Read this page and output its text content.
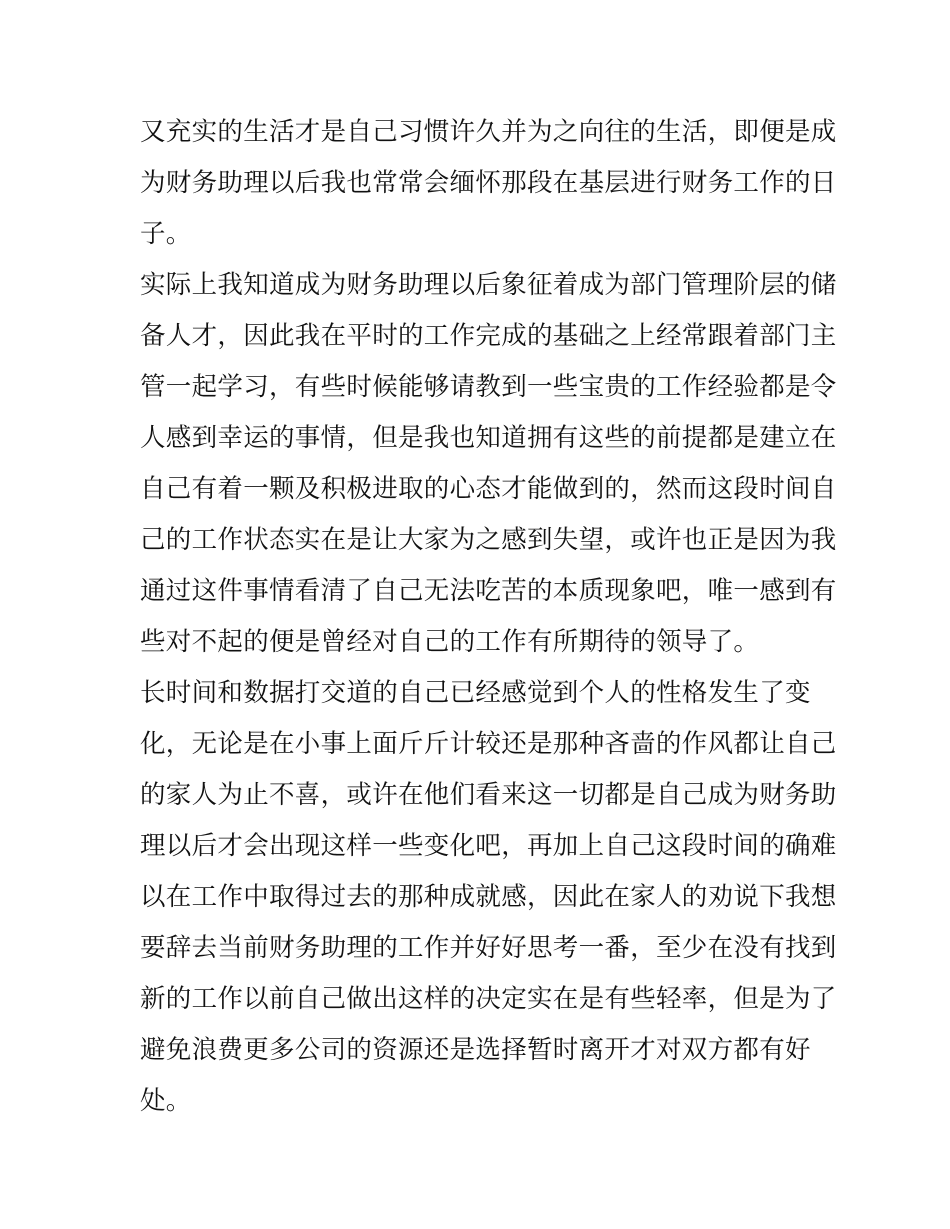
又充实的生活才是自己习惯许久并为之向往的生活，即便是成
为财务助理以后我也常常会缅怀那段在基层进行财务工作的日
子。
实际上我知道成为财务助理以后象征着成为部门管理阶层的储
备人才，因此我在平时的工作完成的基础之上经常跟着部门主
管一起学习，有些时候能够请教到一些宝贵的工作经验都是令
人感到幸运的事情，但是我也知道拥有这些的前提都是建立在
自己有着一颗及积极进取的心态才能做到的，然而这段时间自
己的工作状态实在是让大家为之感到失望，或许也正是因为我
通过这件事情看清了自己无法吃苦的本质现象吧，唯一感到有
些对不起的便是曾经对自己的工作有所期待的领导了。
长时间和数据打交道的自己已经感觉到个人的性格发生了变
化，无论是在小事上面斤斤计较还是那种吝啬的作风都让自己
的家人为止不喜，或许在他们看来这一切都是自己成为财务助
理以后才会出现这样一些变化吧，再加上自己这段时间的确难
以在工作中取得过去的那种成就感，因此在家人的劝说下我想
要辞去当前财务助理的工作并好好思考一番，至少在没有找到
新的工作以前自己做出这样的决定实在是有些轻率，但是为了
避免浪费更多公司的资源还是选择暂时离开才对双方都有好
处。
